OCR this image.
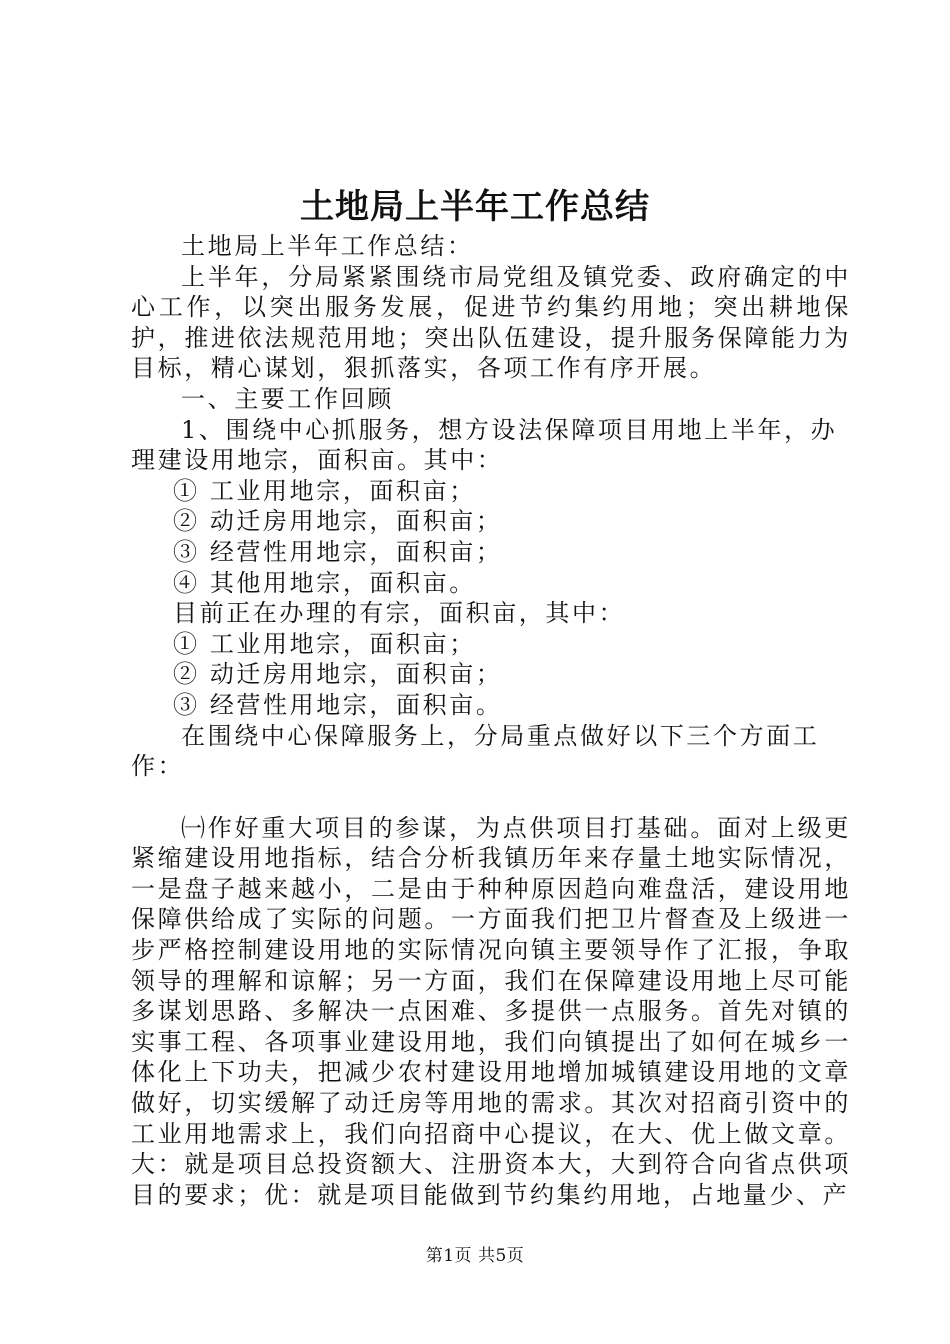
土地局上半年工作总结

土地局上半年工作总结：

上半年，分局紧紧围绕市局党组及镇党委、政府确定的中心工作，以突出服务发展，促进节约集约用地；突出耕地保护，推进依法规范用地；突出队伍建设，提升服务保障能力为目标，精心谋划，狠抓落实，各项工作有序开展。

一、主要工作回顾

1、围绕中心抓服务，想方设法保障项目用地上半年，办理建设用地宗，面积亩。其中：

① 工业用地宗，面积亩；

② 动迁房用地宗，面积亩；

③ 经营性用地宗，面积亩；

④ 其他用地宗，面积亩。

目前正在办理的有宗，面积亩，其中：

① 工业用地宗，面积亩；

② 动迁房用地宗，面积亩；

③ 经营性用地宗，面积亩。

在围绕中心保障服务上，分局重点做好以下三个方面工作：

㈠作好重大项目的参谋，为点供项目打基础。面对上级更紧缩建设用地指标，结合分析我镇历年来存量土地实际情况，一是盘子越来越小，二是由于种种原因趋向难盘活，建设用地保障供给成了实际的问题。一方面我们把卫片督查及上级进一步严格控制建设用地的实际情况向镇主要领导作了汇报，争取领导的理解和谅解；另一方面，我们在保障建设用地上尽可能多谋划思路、多解决一点困难、多提供一点服务。首先对镇的实事工程、各项事业建设用地，我们向镇提出了如何在城乡一体化上下功夫，把减少农村建设用地增加城镇建设用地的文章做好，切实缓解了动迁房等用地的需求。其次对招商引资中的工业用地需求上，我们向招商中心提议，在大、优上做文章。大：就是项目总投资额大、注册资本大，大到符合向省点供项目的要求；优：就是项目能做到节约集约用地，占地量少、产

第1页 共5页
